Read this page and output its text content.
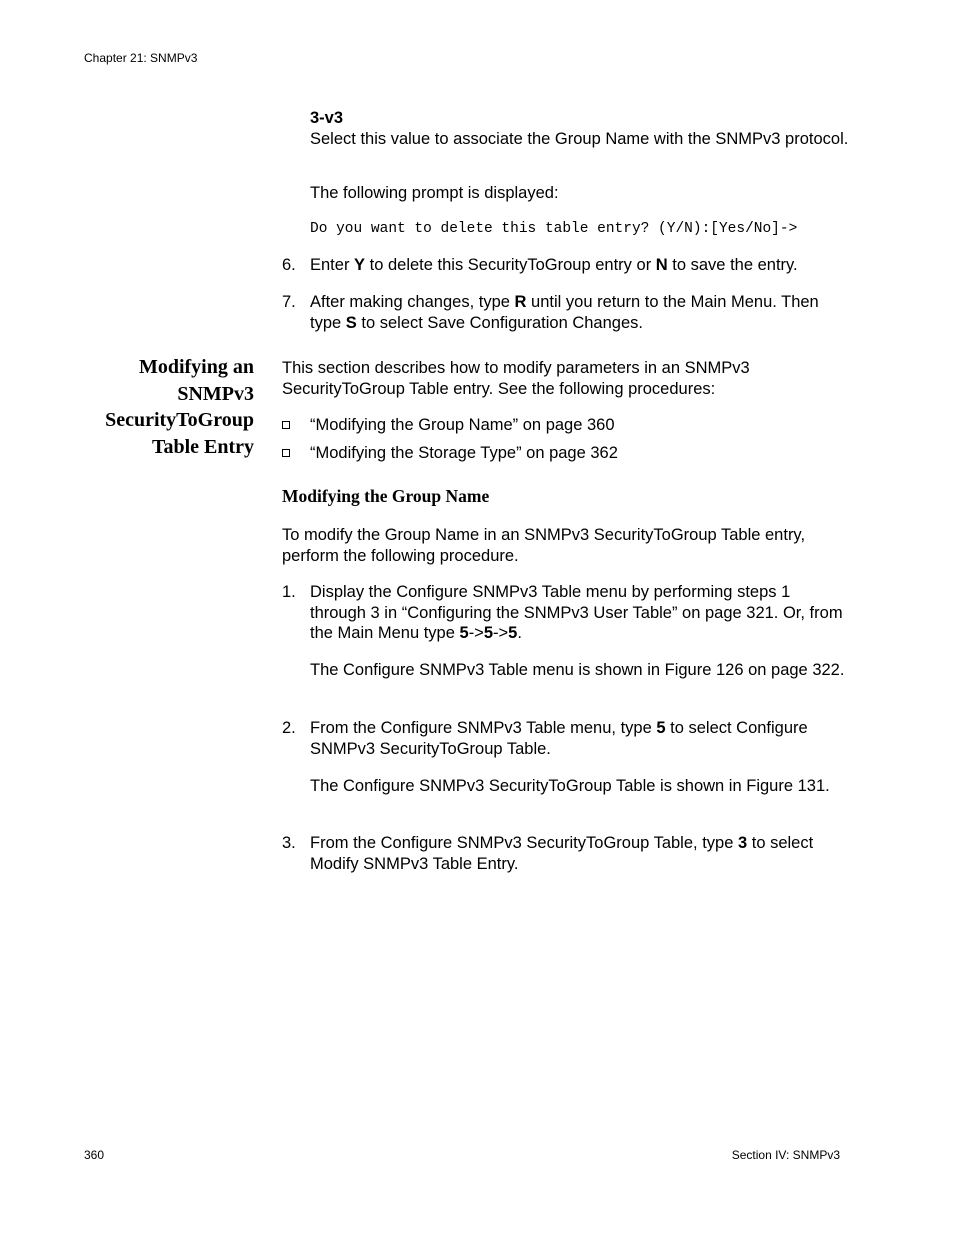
Chapter 21: SNMPv3

3-v3
Select this value to associate the Group Name with the SNMPv3 protocol.

The following prompt is displayed:

Do you want to delete this table entry? (Y/N):[Yes/No]->

6. Enter Y to delete this SecurityToGroup entry or N to save the entry.

7. After making changes, type R until you return to the Main Menu. Then type S to select Save Configuration Changes.

Modifying an
SNMPv3
SecurityToGroup
Table Entry

This section describes how to modify parameters in an SNMPv3 SecurityToGroup Table entry. See the following procedures:

“Modifying the Group Name” on page 360

“Modifying the Storage Type” on page 362

Modifying the Group Name

To modify the Group Name in an SNMPv3 SecurityToGroup Table entry, perform the following procedure.

1. Display the Configure SNMPv3 Table menu by performing steps 1 through 3 in “Configuring the SNMPv3 User Table” on page 321. Or, from the Main Menu type 5->5->5.

The Configure SNMPv3 Table menu is shown in Figure 126 on page 322.

2. From the Configure SNMPv3 Table menu, type 5 to select Configure SNMPv3 SecurityToGroup Table.

The Configure SNMPv3 SecurityToGroup Table is shown in Figure 131.

3. From the Configure SNMPv3 SecurityToGroup Table, type 3 to select Modify SNMPv3 Table Entry.

360	Section IV: SNMPv3
